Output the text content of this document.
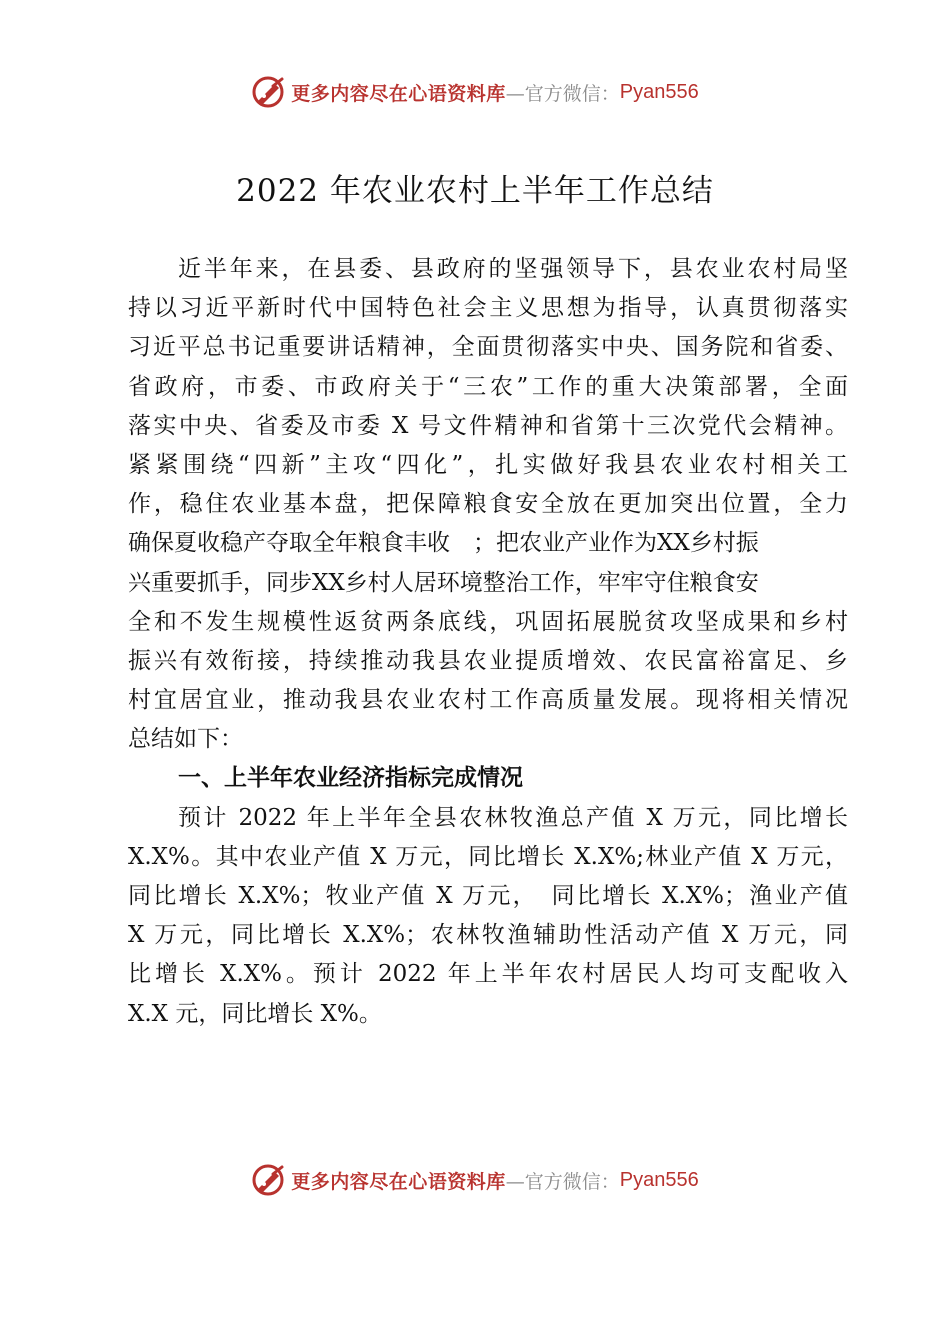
更多内容尽在心语资料库 —官方微信： Pyan556
2022 年农业农村上半年工作总结
近半年来，在县委、县政府的坚强领导下，县农业农村局坚
持以习近平新时代中国特色社会主义思想为指导，认真贯彻落实
习近平总书记重要讲话精神，全面贯彻落实中央、国务院和省委、
省政府，市委、市政府关于“三农”工作的重大决策部署，全面
落实中央、省委及市委 X 号文件精神和省第十三次党代会精神。
紧紧围绕“四新”主攻“四化”，扎实做好我县农业农村相关工
作，稳住农业基本盘，把保障粮食安全放在更加突出位置，全力
确保夏收稳产夺取全年粮食丰收　；把农业产业作为XX乡村振
兴重要抓手，同步XX乡村人居环境整治工作，牢牢守住粮食安
全和不发生规模性返贫两条底线，巩固拓展脱贫攻坚成果和乡村
振兴有效衔接，持续推动我县农业提质增效、农民富裕富足、乡
村宜居宜业，推动我县农业农村工作高质量发展。现将相关情况
总结如下：
一、上半年农业经济指标完成情况
预计 2022 年上半年全县农林牧渔总产值 X 万元，同比增长
X.X%。其中农业产值 X 万元，同比增长 X.X%;林业产值 X 万元，
同比增长 X.X%；牧业产值 X 万元，　同比增长 X.X%；渔业产值
X 万元，同比增长 X.X%；农林牧渔辅助性活动产值 X 万元，同
比增长 X.X%。预计 2022 年上半年农村居民人均可支配收入
X.X 元，同比增长 X%。
更多内容尽在心语资料库 —官方微信： Pyan556
